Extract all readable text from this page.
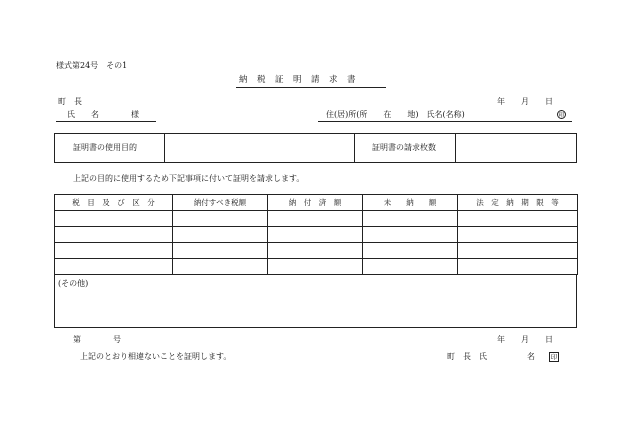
様式第24号　その1
納　税　証　明　請　求　書
年　　月　　日
町　長
氏　　名　　　　様	住(居)所(所　　在　　地)　氏名(名称)	印
証明書の使用目的	証明書の請求枚数
上記の目的に使用するため下記事項に付いて証明を請求します。
税　目　及　び　区　分	納付すべき税額	納　付　済　額	未　　納　　額	法　定　納　期　限　等

(その他)
第　　　　号	年　　月　　日
上記のとおり相違ないことを証明します。	町　長　氏　　　　　名 印
